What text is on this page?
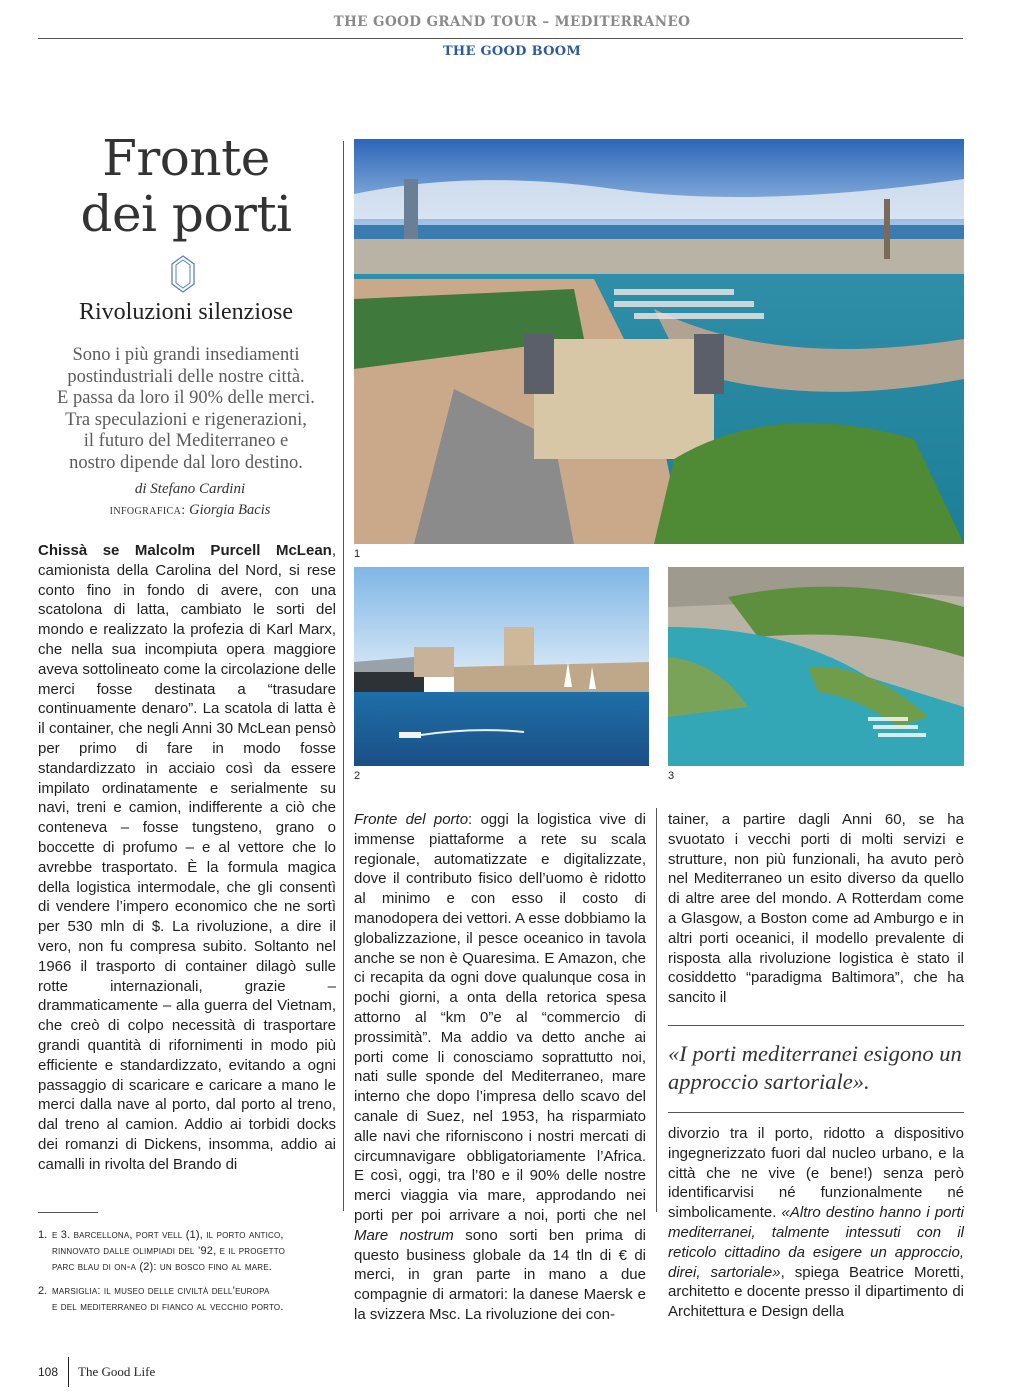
THE GOOD GRAND TOUR – MEDITERRANEO
THE GOOD BOOM
Fronte
dei porti
Rivoluzioni silenziose
Sono i più grandi insediamenti
postindustriali delle nostre città.
E passa da loro il 90% delle merci.
Tra speculazioni e rigenerazioni,
il futuro del Mediterraneo e
nostro dipende dal loro destino.
di Stefano Cardini
infografica: Giorgia Bacis
Chissà se Malcolm Purcell McLean, camionista della Carolina del Nord, si rese conto fino in fondo di avere, con una scatolona di latta, cambiato le sorti del mondo e realizzato la profezia di Karl Marx, che nella sua incompiuta opera maggiore aveva sottolineato come la circolazione delle merci fosse destinata a “trasudare continuamente denaro”. La scatola di latta è il container, che negli Anni 30 McLean pensò per primo di fare in modo fosse standardizzato in acciaio così da essere impilato ordinatamente e serialmente su navi, treni e camion, indifferente a ciò che conteneva – fosse tungsteno, grano o boccette di profumo – e al vettore che lo avrebbe trasportato. È la formula magica della logistica intermodale, che gli consentì di vendere l’impero economico che ne sortì per 530 mln di $. La rivoluzione, a dire il vero, non fu compresa subito. Soltanto nel 1966 il trasporto di container dilagò sulle rotte internazionali, grazie – drammaticamente – alla guerra del Vietnam, che creò di colpo necessità di trasportare grandi quantità di rifornimenti in modo più efficiente e standardizzato, evitando a ogni passaggio di scaricare e caricare a mano le merci dalla nave al porto, dal porto al treno, dal treno al camion. Addio ai torbidi docks dei romanzi di Dickens, insomma, addio ai camalli in rivolta del Brando di
1
2	3
Fronte del porto: oggi la logistica vive di immense piattaforme a rete su scala regionale, automatizzate e digitalizzate, dove il contributo fisico dell’uomo è ridotto al minimo e con esso il costo di manodopera dei vettori. A esse dobbiamo la globalizzazione, il pesce oceanico in tavola anche se non è Quaresima. E Amazon, che ci recapita da ogni dove qualunque cosa in pochi giorni, a onta della retorica spesa attorno al “km 0”e al “commercio di prossimità”. Ma addio va detto anche ai porti come li conosciamo soprattutto noi, nati sulle sponde del Mediterraneo, mare interno che dopo l’impresa dello scavo del canale di Suez, nel 1953, ha risparmiato alle navi che riforniscono i nostri mercati di circumnavigare obbligatoriamente l’Africa. E così, oggi, tra l’80 e il 90% delle nostre merci viaggia via mare, approdando nei porti per poi arrivare a noi, porti che nel Mare nostrum sono sorti ben prima di questo business globale da 14 tln di € di merci, in gran parte in mano a due compagnie di armatori: la danese Maersk e la svizzera Msc. La rivoluzione dei con-
tainer, a partire dagli Anni 60, se ha svuotato i vecchi porti di molti servizi e strutture, non più funzionali, ha avuto però nel Mediterraneo un esito diverso da quello di altre aree del mondo. A Rotterdam come a Glasgow, a Boston come ad Amburgo e in altri porti oceanici, il modello prevalente di risposta alla rivoluzione logistica è stato il cosiddetto “paradigma Baltimora”, che ha sancito il
«I porti mediterranei esigono un approccio sartoriale».
divorzio tra il porto, ridotto a dispositivo ingegnerizzato fuori dal nucleo urbano, e la città che ne vive (e bene!) senza però identificarvisi né funzionalmente né simbolicamente. «Altro destino hanno i porti mediterranei, talmente intessuti con il reticolo cittadino da esigere un approccio, direi, sartoriale», spiega Beatrice Moretti, architetto e docente presso il dipartimento di Architettura e Design della
1. e 3. barcellona, port vell (1), il porto antico,
rinnovato dalle olimpiadi del ’92, e il progetto
parc blau di on-a (2): un bosco fino al mare.
2. marsiglia: il museo delle civiltà dell’europa
e del mediterraneo di fianco al vecchio porto.
108 The Good Life
